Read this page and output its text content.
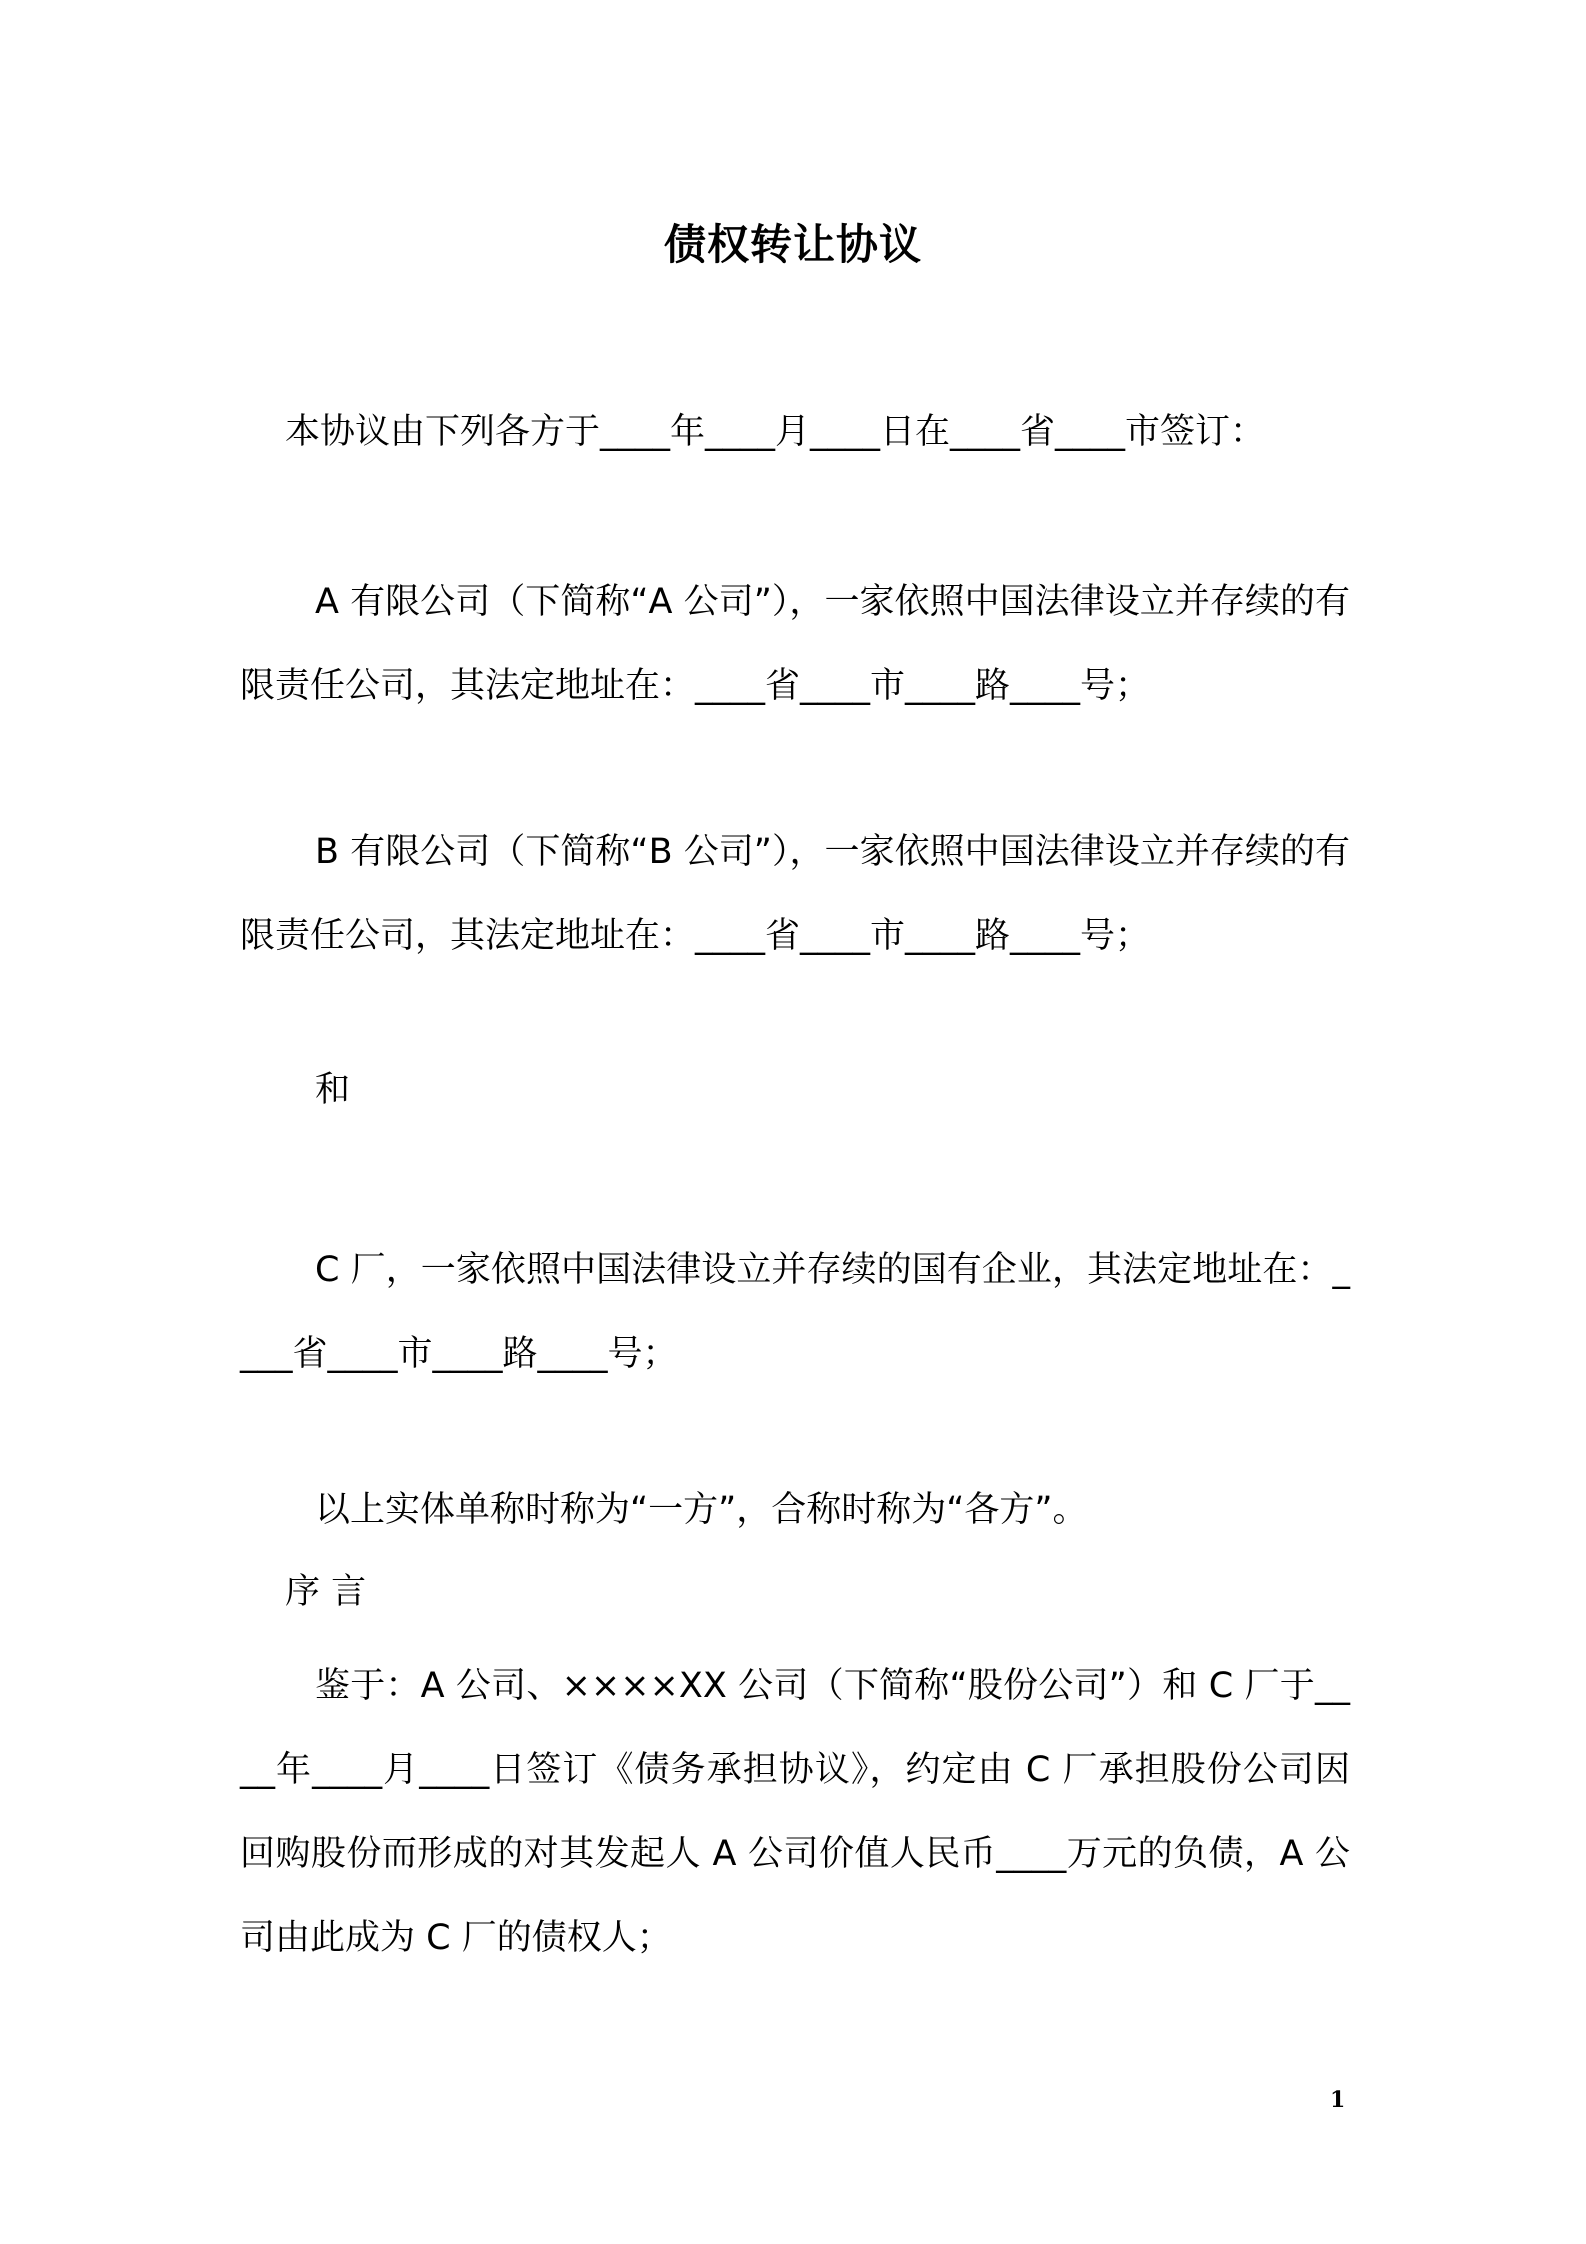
债权转让协议

本协议由下列各方于____年____月____日在____省____市签订：

A 有限公司（下简称“A 公司”），一家依照中国法律设立并存续的有限责任公司，其法定地址在：____省____市____路____号；

B 有限公司（下简称“B 公司”），一家依照中国法律设立并存续的有限责任公司，其法定地址在：____省____市____路____号；

和

C 厂，一家依照中国法律设立并存续的国有企业，其法定地址在：____省____市____路____号；

以上实体单称时称为“一方”，合称时称为“各方”。

序 言

鉴于：A 公司、××××XX 公司（下简称“股份公司”）和 C 厂于____年____月____日签订《债务承担协议》，约定由 C 厂承担股份公司因回购股份而形成的对其发起人 A 公司价值人民币____万元的负债，A 公司由此成为 C 厂的债权人；

1
